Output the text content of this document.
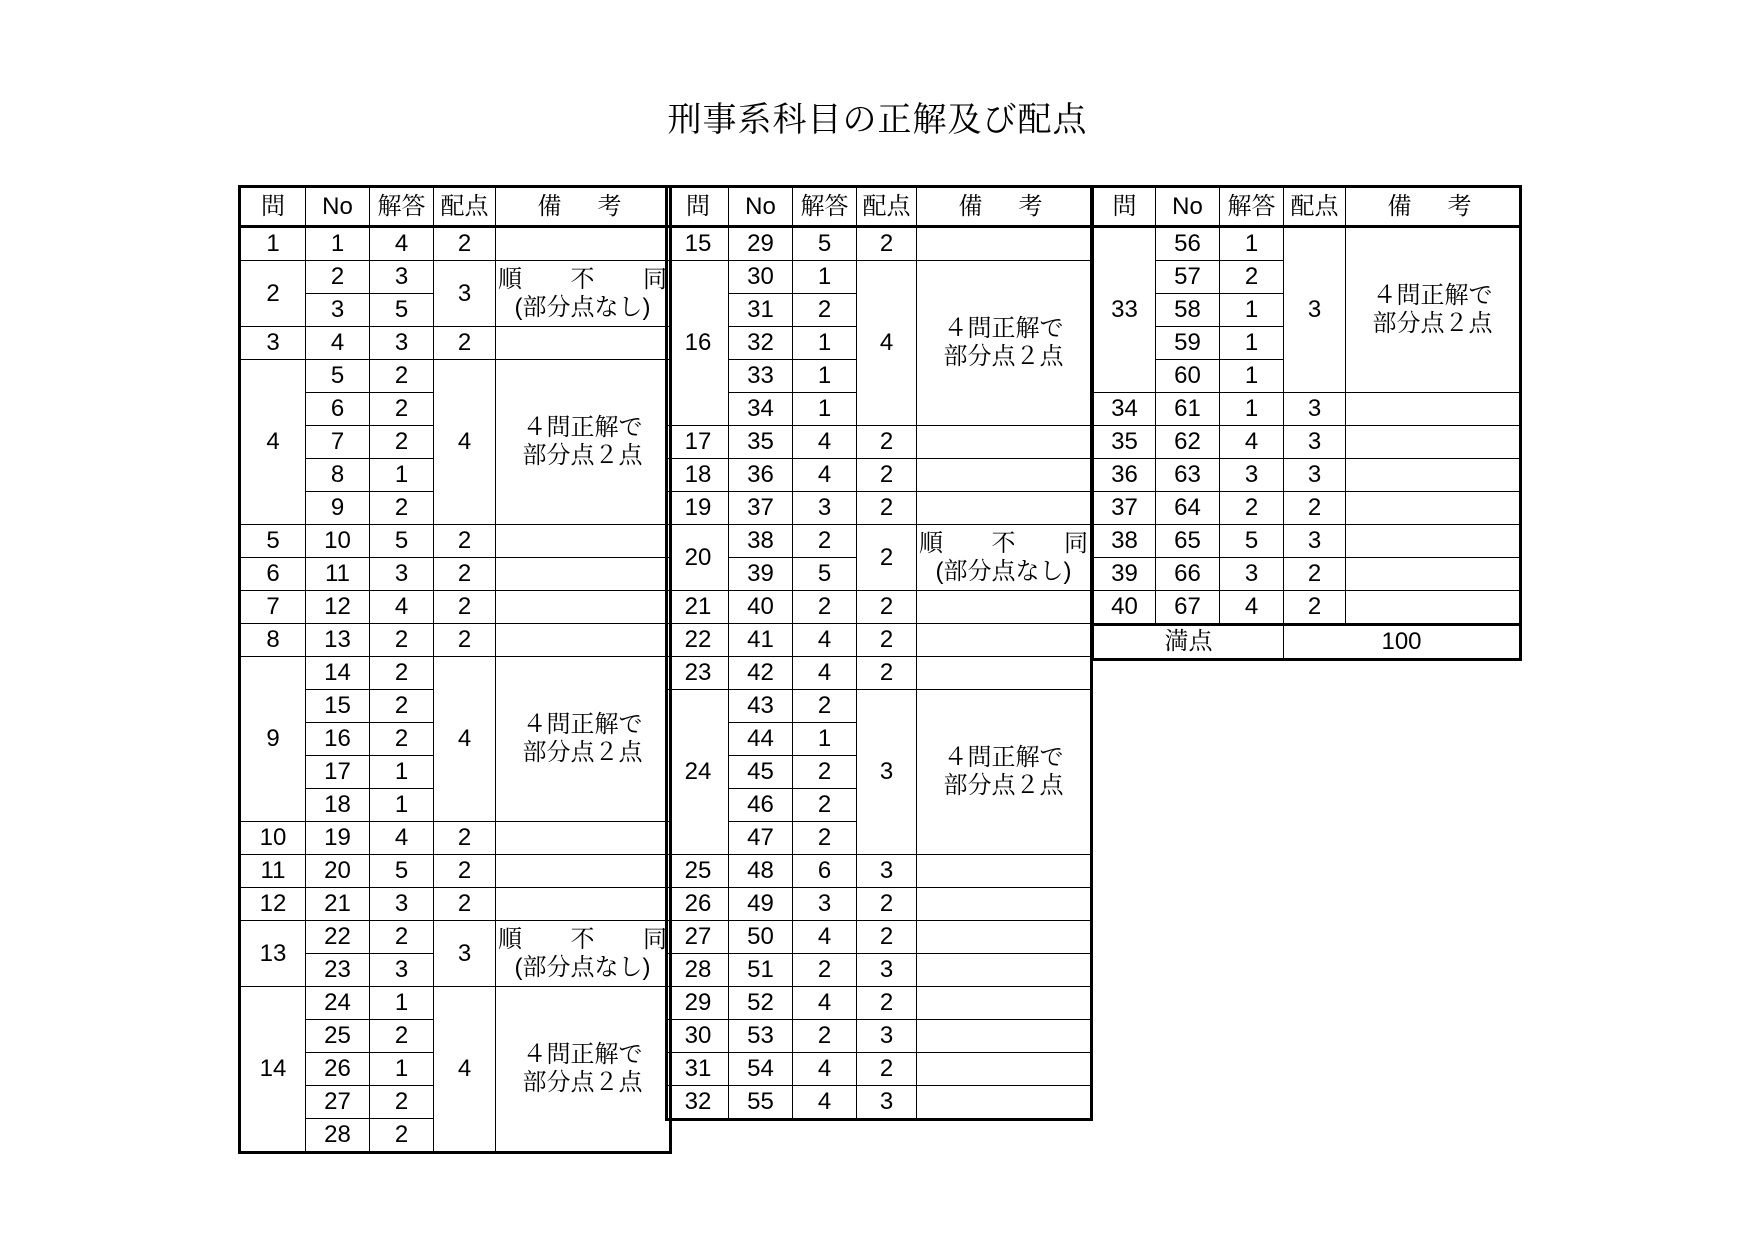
刑事系科目の正解及び配点
問	No	解答	配点	備　考
1	1	4	2	
2	2	3	3	順 不 同
(部分点なし)

	3	5		
3	4	3	2	
4	5	2	4	４問正解で
部分点２点

	6	2		
	7	2		
	8	1		
	9	2		
5	10	5	2	
6	11	3	2	
7	12	4	2	
8	13	2	2	
9	14	2	4	４問正解で
部分点２点

	15	2		
	16	2		
	17	1		
	18	1		
10	19	4	2	
11	20	5	2	
12	21	3	2	
13	22	2	3	順 不 同
(部分点なし)

	23	3		
14	24	1	4	４問正解で
部分点２点

	25	2		
	26	1		
	27	2		
	28	2		
問	No	解答	配点	備　考
15	29	5	2	
16	30	1	4	４問正解で
部分点２点

	31	2		
	32	1		
	33	1		
	34	1		
17	35	4	2	
18	36	4	2	
19	37	3	2	
20	38	2	2	順 不 同
(部分点なし)

	39	5		
21	40	2	2	
22	41	4	2	
23	42	4	2	
24	43	2	3	４問正解で
部分点２点

	44	1		
	45	2		
	46	2		
	47	2		
25	48	6	3	
26	49	3	2	
27	50	4	2	
28	51	2	3	
29	52	4	2	
30	53	2	3	
31	54	4	2	
32	55	4	3	
問	No	解答	配点	備　考
33	56	1	3	４問正解で
部分点２点

	57	2		
	58	1		
	59	1		
	60	1		
34	61	1	3	
35	62	4	3	
36	63	3	3	
37	64	2	2	
38	65	5	3	
39	66	3	2	
40	67	4	2	
満点			100	
